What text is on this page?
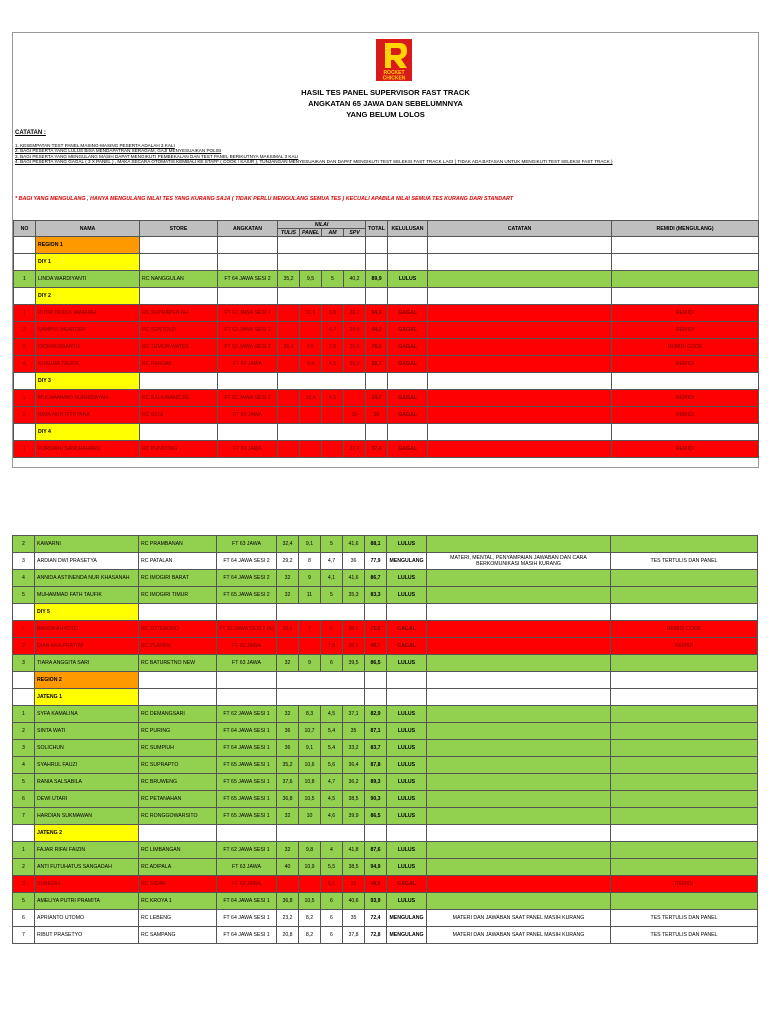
ROCKET
CHICKEN
HASIL TES PANEL SUPERVISOR FAST TRACK
ANGKATAN 65 JAWA DAN SEBELUMNNYA
YANG BELUM LOLOS
CATATAN :
1. KESEMPATAN TEST PANEL MASING-MASING PESERTA ADALAH 3 KALI
2. BAGI PESERTA YANG LULUS BISA MENDAPATRAN SERAGAM, GAJI MENYESUAIKAN POLISI
3. BAGI PESERTA YANG MENGULANG MASIH DAPAT MENGIKUTI PEMBEKALAN DAN TEST PANEL BERIKUTNYA MAKSIMAL 3 KALI
4. BAGI PESERTA YANG GAGAL ( 3 X PANEL ) , MAKA SECARA OTOMATIS KEMBALI KE STAFF ( COOK / KASIR ), TUNJANGAN MENYESUAIKAN DAN DAPAT MENGIKUTI TEST SELEKSI FAST TRACK LAGI ( TIDAK ADA BATASAN UNTUK MENGIKUTI TEST SELEKSI FAST TRACK )
* BAGI YANG MENGULANG , HANYA MENGULANG NILAI TES YANG KURANG SAJA ( TIDAK PERLU MENGULANG SEMUA TES ) KECUALI APABILA NILAI SEMUA TES KURANG DARI STANDART
NO	NAMA	STORE	ANGKATAN	NILAI				TOTAL	KELULUSAN	CATATAN	REMIDI (MENGULANG)
				TULIS	PANEL	AM	SPV				
	REGION 1										
	DIY 1										
1	LINDA WARDIYANTI	RC NANGGULAN	FT 64 JAWA SESI 2	35,2	9,5	5	40,2	89,9	LULUS		
	DIY 2										
1	PUTRI NURUL AMANAH	RC SUPRAPEN AH	FT 62 JAWA SESI 1		11,5	5,8	36,2	54,8	GAGAL		REMIDI
2	SAMPUL MUATOEK	RC SENTOLO	FT 62 JAWA SESI 1			4,7	39,5	44,2	GAGAL		REMIDI
3	DIDIHMUDIANTO	RC TEMON WATES	FT 62 JAWA SESI 2	26,4	9,5	3,6	36,6	76,0	GAGAL		REMIDI COOK
4	KUSUMA TAUFIK	RC PANDAK	FT 63 JAWA		9,4	4,5	36,6	50,7	GAGAL		REMIDI
	DIY 3										
1	MUCHAMMAD NURHIDAYAH	RC KALIURANG BE	FT 62 JAWA SESI 2		10,4	4,5		14,7	GAGAL		REMIDI
2	RIMA NUR FITRYANA	RC SEGI	FT 63 JAWA				30	30	GAGAL		REMIDI
	DIY 4										
1	PURDIANI SANDRAHARU	RC PUNDONG	FT 63 JAWA				37,4	37,4	GAGAL		REMIDI
2	KAWARNI	RC PRAMBANAN	FT 63 JAWA	32,4	9,1	5	41,6	88,1	LULUS		
3	ARDIAN DWI PRASETYA	RC PATALAN	FT 64 JAWA SESI 2	29,2	8	4,7	36	77,9	MENGULANG	MATERI, MENTAL, PENYAMPAIAN JAWABAN DAN CARA BERKOMUNIKASI MASIH KURANG	TES TERTULIS DAN PANEL
4	ANNIDA ASTINENDA NUR KHASANAH	RC IMOGIRI BARAT	FT 64 JAWA SESI 2	32	9	4,1	41,6	86,7	LULUS		
5	MUHAMMAD FATH TAUFIK	RC IMOGIRI TIMUR	FT 65 JAWA SESI 2	32	11	5	35,3	83,3	LULUS		
	DIY 5										
1	NANDA AHYOTO	RC JOTERONO	FT 32 JAWA SESI 2 (A)	26,4	7	6	39,2	71,6	GAGAL		REMIDI COOK
2	DIAN EKA PRATIWI	RC PLAYEN	FT 63 JAWA			7,8	39,9	40,7	GAGAL		REMIDI
3	TIARA ANGGITA SARI	RC BATURETNO NEW	FT 63 JAWA	32	9	6	39,5	86,5	LULUS		
	REGION 2										
	JATENG 1										
1	SYFA KAMALINA	RC DEMANGSARI	FT 62 JAWA SESI 1	32	8,3	4,5	37,1	82,9	LULUS		
2	SINTA WATI	RC PURING	FT 64 JAWA SESI 1	36	10,7	5,4	35	87,1	LULUS		
3	SOLICHUN	RC SUMPIUH	FT 64 JAWA SESI 1	36	9,1	5,4	33,2	83,7	LULUS		
4	SYAHRUL FAUZI	RC SUPRAPTO	FT 65 JAWA SESI 1	35,2	10,6	5,6	36,4	87,8	LULUS		
5	RANIA SALSABILA	RC BRUWENG	FT 65 JAWA SESI 1	37,6	10,8	4,7	36,2	89,3	LULUS		
6	DEWI UTARI	RC PETANAHAN	FT 65 JAWA SESI 1	36,8	10,5	4,5	38,5	90,3	LULUS		
7	HARDIAN SUKMAWAN	RC RONGGOWARSITO	FT 65 JAWA SESI 1	32	10	4,6	39,9	86,5	LULUS		
	JATENG 2										
1	FAJAR RIFAI FAIZIN	RC LIMBANGAN	FT 62 JAWA SESI 1	32	9,8	4	41,8	87,6	LULUS		
2	ANTI FUTUHATUS SANGADAH	RC ADIPALA	FT 63 JAWA	40	10,9	5,5	38,5	94,9	LULUS		
3	SUBESIH	RC SIDAR	FT 63 JAWA			5,5	35	40,5	GAGAL		REMIDI
5	AMELIYA PUTRI PRAMITA	RC KROYA 1	FT 64 JAWA SESI 1	36,8	10,5	6	40,6	93,9	LULUS		
6	APRIANTO UTOMO	RC LEBENG	FT 64 JAWA SESI 1	23,2	8,2	6	35	72,4	MENGULANG	MATERI DAN JAWABAN SAAT PANEL MASIH KURANG	TES TERTULIS DAN PANEL
7	RIBUT PRASETYO	RC SAMPANG	FT 64 JAWA SESI 1	20,8	8,2	6	37,8	72,8	MENGULANG	MATERI DAN JAWABAN SAAT PANEL MASIH KURANG	TES TERTULIS DAN PANEL
